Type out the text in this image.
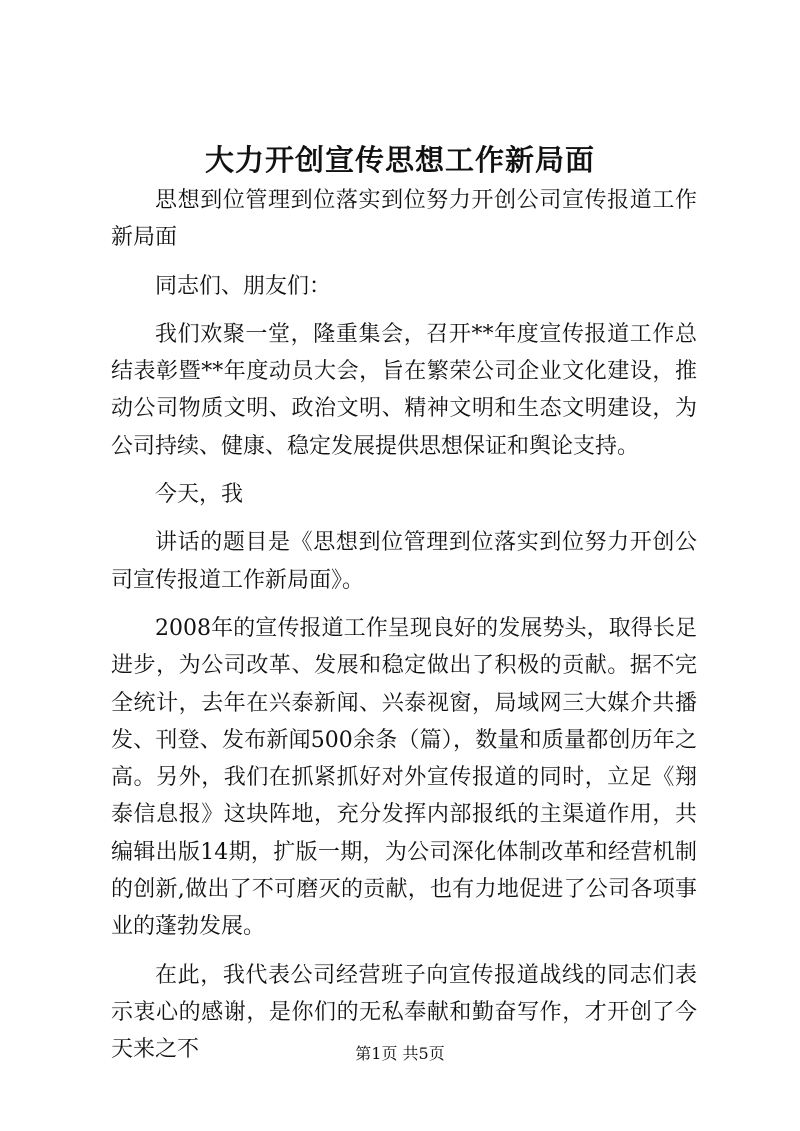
大力开创宣传思想工作新局面

思想到位管理到位落实到位努力开创公司宣传报道工作新局面

同志们、朋友们：

我们欢聚一堂，隆重集会，召开**年度宣传报道工作总结表彰暨**年度动员大会，旨在繁荣公司企业文化建设，推动公司物质文明、政治文明、精神文明和生态文明建设，为公司持续、健康、稳定发展提供思想保证和舆论支持。

今天，我

讲话的题目是《思想到位管理到位落实到位努力开创公司宣传报道工作新局面》。

2008年的宣传报道工作呈现良好的发展势头，取得长足进步，为公司改革、发展和稳定做出了积极的贡献。据不完全统计，去年在兴泰新闻、兴泰视窗，局域网三大媒介共播发、刊登、发布新闻500余条（篇），数量和质量都创历年之高。另外，我们在抓紧抓好对外宣传报道的同时，立足《翔泰信息报》这块阵地，充分发挥内部报纸的主渠道作用，共编辑出版14期，扩版一期，为公司深化体制改革和经营机制的创新,做出了不可磨灭的贡献，也有力地促进了公司各项事业的蓬勃发展。

在此，我代表公司经营班子向宣传报道战线的同志们表示衷心的感谢，是你们的无私奉献和勤奋写作，才开创了今天来之不	第1页 共5页
